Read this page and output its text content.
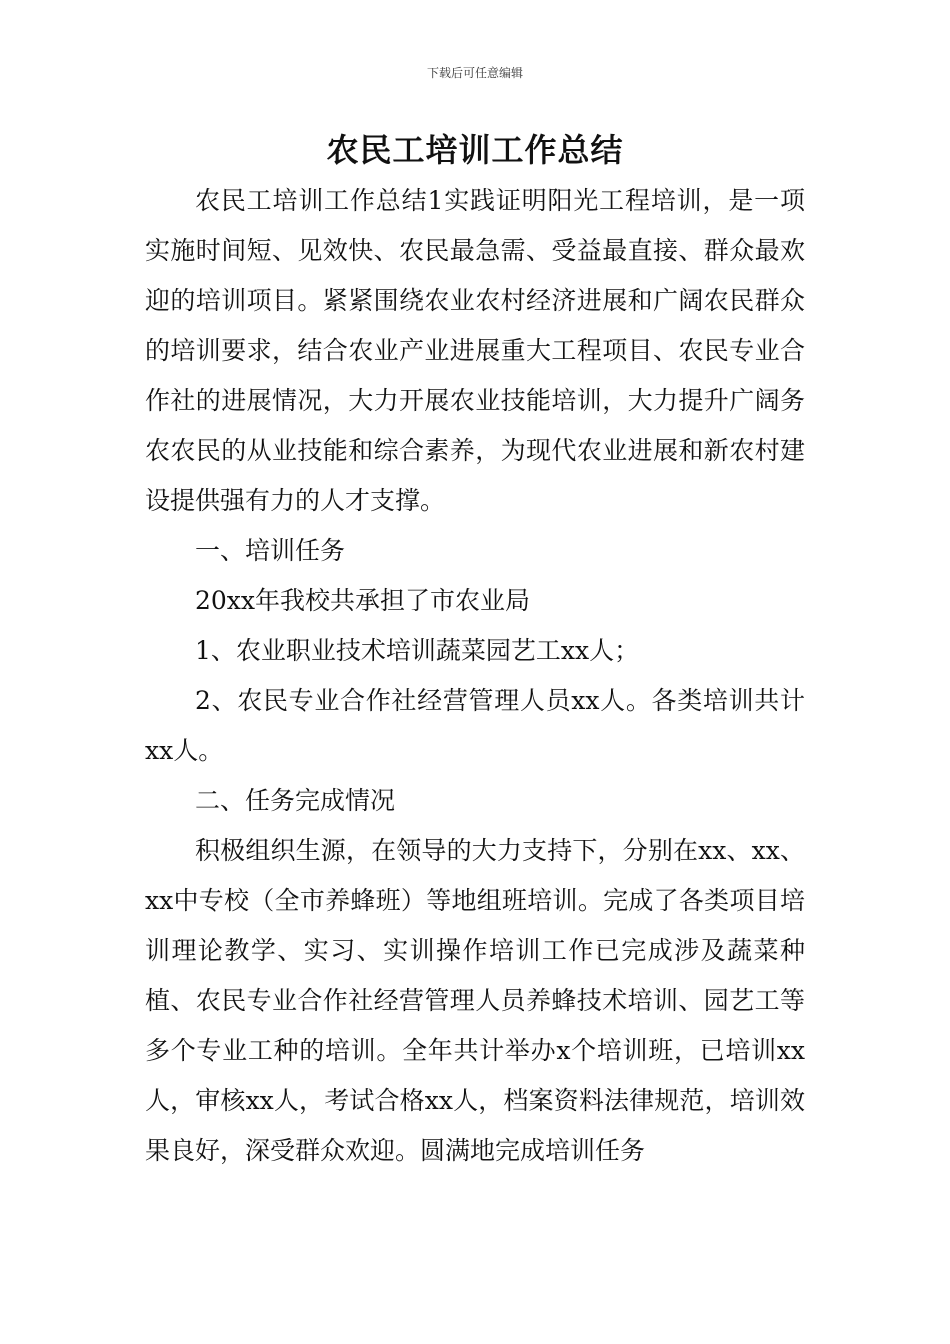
下载后可任意编辑
农民工培训工作总结

农民工培训工作总结1实践证明阳光工程培训，是一项实施时间短、见效快、农民最急需、受益最直接、群众最欢迎的培训项目。紧紧围绕农业农村经济进展和广阔农民群众的培训要求，结合农业产业进展重大工程项目、农民专业合作社的进展情况，大力开展农业技能培训，大力提升广阔务农农民的从业技能和综合素养，为现代农业进展和新农村建设提供强有力的人才支撑。

一、培训任务

20xx年我校共承担了市农业局

1、农业职业技术培训蔬菜园艺工xx人；

2、农民专业合作社经营管理人员xx人。各类培训共计xx人。

二、任务完成情况

积极组织生源，在领导的大力支持下，分别在xx、xx、xx中专校（全市养蜂班）等地组班培训。完成了各类项目培训理论教学、实习、实训操作培训工作已完成涉及蔬菜种植、农民专业合作社经营管理人员养蜂技术培训、园艺工等多个专业工种的培训。全年共计举办x个培训班，已培训xx人，审核xx人，考试合格xx人，档案资料法律规范，培训效果良好，深受群众欢迎。圆满地完成培训任务
